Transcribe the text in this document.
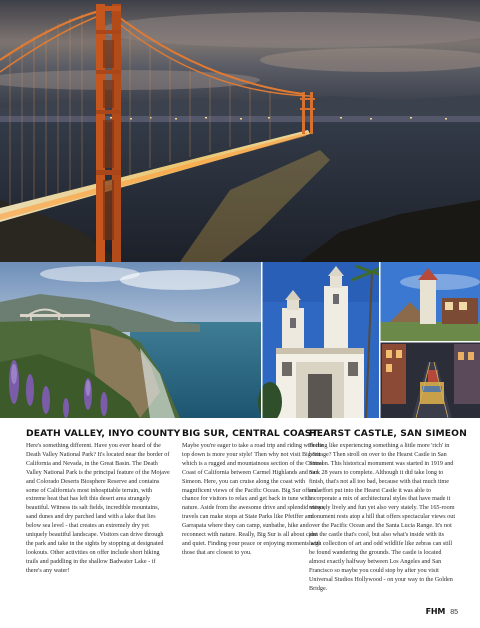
DEATH VALLEY, INYO COUNTY

Here's something different. Have you ever heard of the Death Valley National Park? It's located near the border of California and Nevada, in the Great Basin. The Death Valley National Park is the principal feature of the Mojave and Colorado Deserts Biosphere Reserve and contains some of California's most inhospitable terrain, with extreme heat that has left this desert area strangely beautiful. Witness its salt fields, incredible mountains, sand dunes and dry parched land with a lake that lies below sea level - that creates an extremely dry yet uniquely beautiful landscape. Visitors can drive through the park and take in the sights by stopping at designated lookouts. Other activities on offer include short hiking trails and paddling in the shallow Badwater Lake - if there's any water!

BIG SUR, CENTRAL COAST

Maybe you're eager to take a road trip and riding with the top down is more your style! Then why not visit Big Sur which is a rugged and mountainous section of the Central Coast of California between Carmel Highlands and San Simeon. Here, you can cruise along the coast with magnificent views of the Pacific Ocean. Big Sur offers a chance for visitors to relax and get back in tune with nature. Aside from the awesome drive and splendid views, travels can make stops at State Parks like Pfeiffer and Garrapata where they can camp, sunbathe, hike and reconnect with nature. Really, Big Sur is all about calm and quiet. Finding your peace or enjoying moments with those that are closest to you.

HEARST CASTLE, SAN SIMEON

Feeling like experiencing something a little more 'rich' in heritage? Then stroll on over to the Hearst Castle in San Simeon. This historical monument was started in 1919 and took 28 years to complete. Although it did take long to finish, that's not all too bad, because with that much time and effort put into the Hearst Castle it was able to incorporate a mix of architectural styles that have made it uniquely lively and fun yet also very stately. The 165-room monument rests atop a hill that offers spectacular views out over the Pacific Ocean and the Santa Lucia Range. It's not just the castle that's cool, but also what's inside with its large collection of art and odd wildlife like zebras can still be found wandering the grounds. The castle is located almost exactly halfway between Los Angeles and San Francisco so maybe you could stop by after you visit Universal Studios Hollywood - on your way to the Golden Bridge.

FHM 85
